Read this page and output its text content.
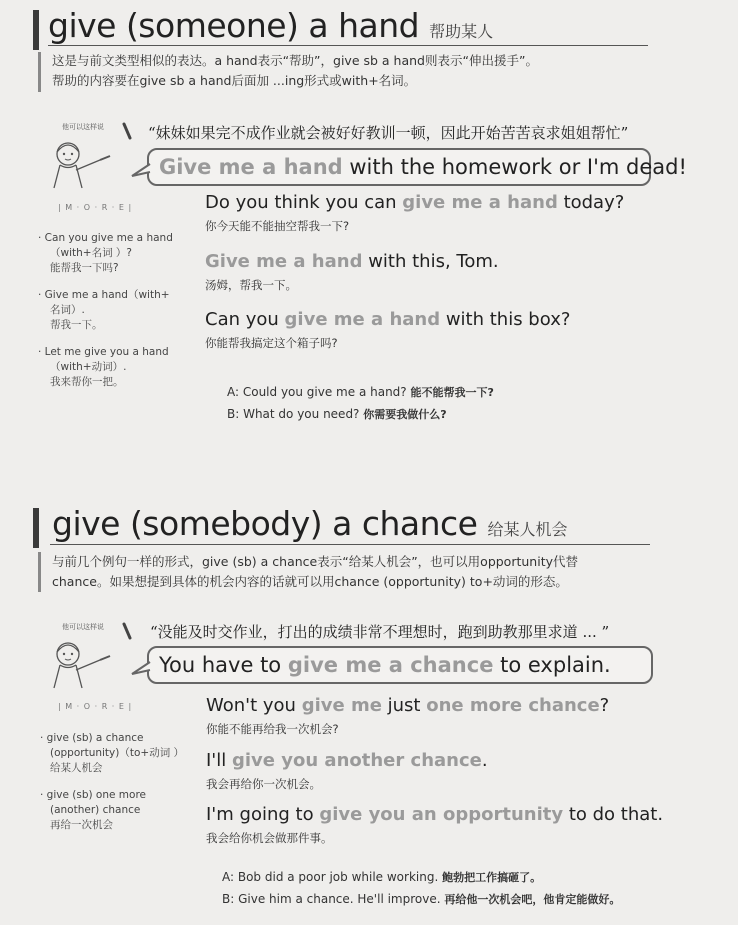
give (someone) a hand 帮助某人
这是与前文类型相似的表达。a hand表示“帮助”，give sb a hand则表示“伸出援手”。
帮助的内容要在give sb a hand后面加 ...ing形式或with+名词。
他可以这样说	“妹妹如果完不成作业就会被好好教训一顿，因此开始苦苦哀求姐姐帮忙”
Give me a hand with the homework or I'm dead!
| M · O · R · E |
· Can you give me a hand
（with+名词 ）?
能帮我一下吗?
· Give me a hand（with+
名词）.
帮我一下。
· Let me give you a hand
（with+动词）.
我来帮你一把。
Do you think you can give me a hand today?
你今天能不能抽空帮我一下?
Give me a hand with this, Tom.
汤姆，帮我一下。
Can you give me a hand with this box?
你能帮我搞定这个箱子吗?
A: Could you give me a hand? 能不能帮我一下?
B: What do you need? 你需要我做什么?
give (somebody) a chance 给某人机会
与前几个例句一样的形式，give (sb) a chance表示“给某人机会”，也可以用opportunity代替
chance。如果想提到具体的机会内容的话就可以用chance (opportunity) to+动词的形态。
他可以这样说	“没能及时交作业，打出的成绩非常不理想时，跑到助教那里求道 ... ”
You have to give me a chance to explain.
| M · O · R · E |
· give (sb) a chance
(opportunity)（to+动词 ）
给某人机会
· give (sb) one more
(another) chance
再给一次机会
Won't you give me just one more chance?
你能不能再给我一次机会?
I'll give you another chance.
我会再给你一次机会。
I'm going to give you an opportunity to do that.
我会给你机会做那件事。
A: Bob did a poor job while working. 鲍勃把工作搞砸了。
B: Give him a chance. He'll improve. 再给他一次机会吧，他肯定能做好。
